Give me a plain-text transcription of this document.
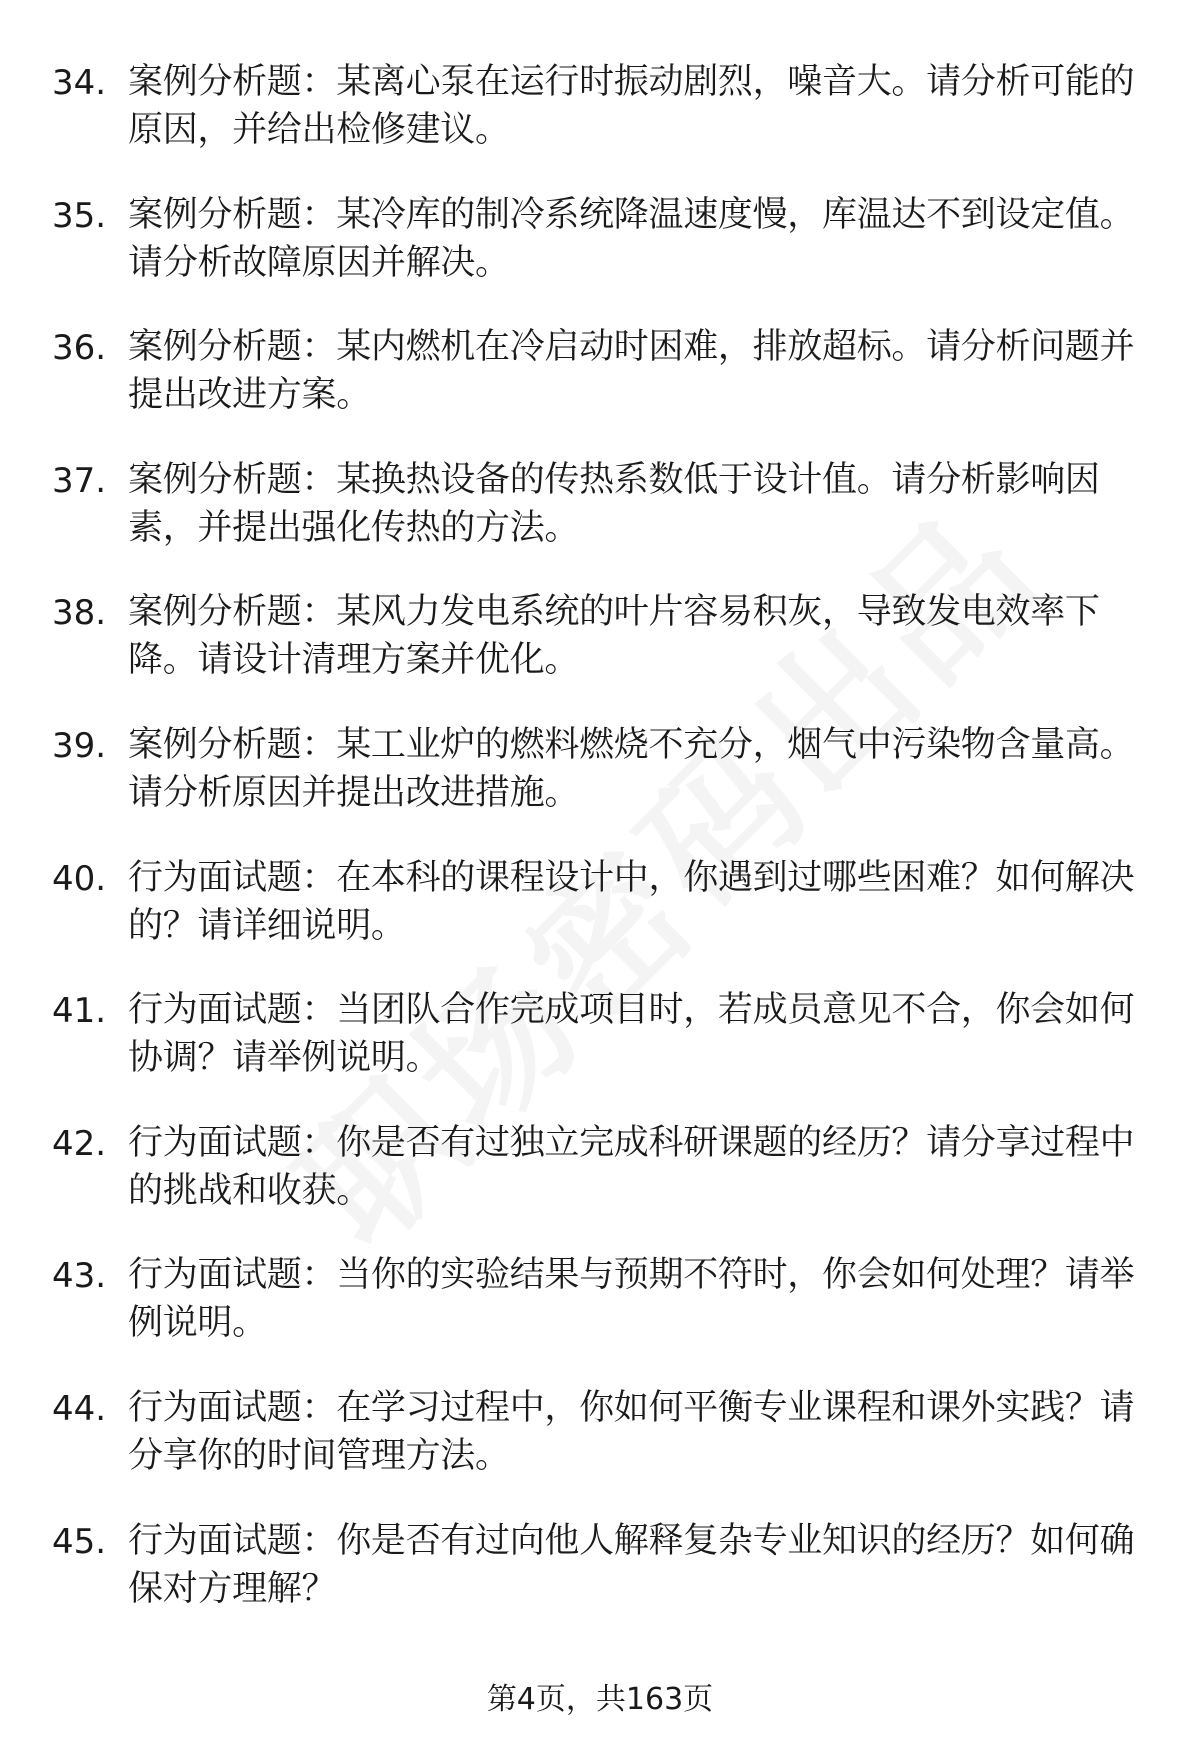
34. 案例分析题：某离心泵在运行时振动剧烈，噪音大。请分析可能的原因，并给出检修建议。
35. 案例分析题：某冷库的制冷系统降温速度慢，库温达不到设定值。请分析故障原因并解决。
36. 案例分析题：某内燃机在冷启动时困难，排放超标。请分析问题并提出改进方案。
37. 案例分析题：某换热设备的传热系数低于设计值。请分析影响因素，并提出强化传热的方法。
38. 案例分析题：某风力发电系统的叶片容易积灰，导致发电效率下降。请设计清理方案并优化。
39. 案例分析题：某工业炉的燃料燃烧不充分，烟气中污染物含量高。请分析原因并提出改进措施。
40. 行为面试题：在本科的课程设计中，你遇到过哪些困难？如何解决的？请详细说明。
41. 行为面试题：当团队合作完成项目时，若成员意见不合，你会如何协调？请举例说明。
42. 行为面试题：你是否有过独立完成科研课题的经历？请分享过程中的挑战和收获。
43. 行为面试题：当你的实验结果与预期不符时，你会如何处理？请举例说明。
44. 行为面试题：在学习过程中，你如何平衡专业课程和课外实践？请分享你的时间管理方法。
45. 行为面试题：你是否有过向他人解释复杂专业知识的经历？如何确保对方理解？
第4页，共163页
